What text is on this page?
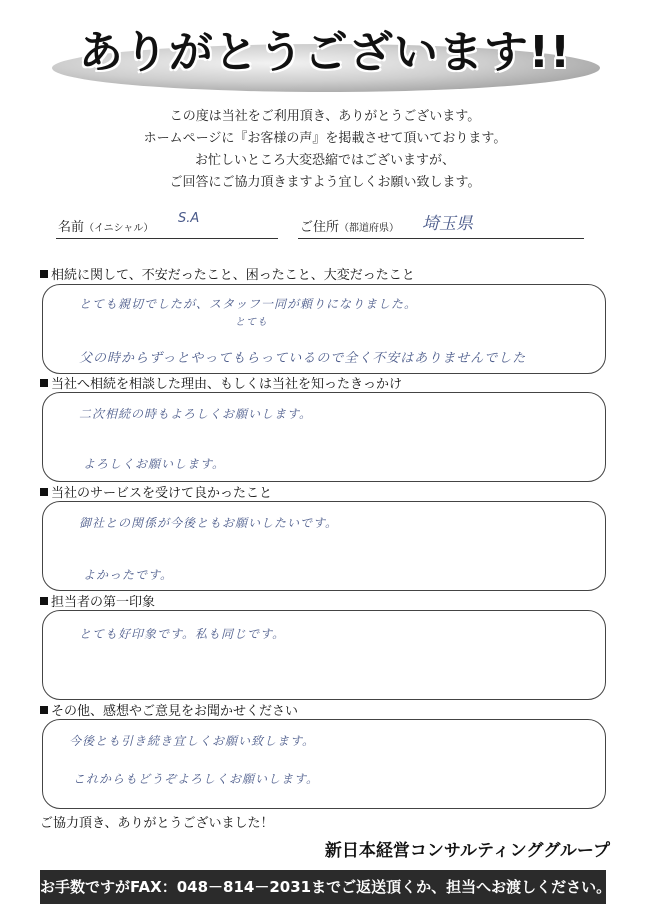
ありがとうございます!!
この度は当社をご利用頂き、ありがとうございます。
ホームページに『お客様の声』を掲載させて頂いております。
お忙しいところ大変恐縮ではございますが、
ご回答にご協力頂きますよう宜しくお願い致します。
名前（イニシャル）
S.A
ご住所（都道府県） 埼玉県
相続に関して、不安だったこと、困ったこと、大変だったこと
とても親切でしたが、スタッフ一同が頼りになりました。
とても
父の時からずっとやってもらっているので全く不安はありませんでした
当社へ相続を相談した理由、もしくは当社を知ったきっかけ
二次相続の時もよろしくお願いします。
よろしくお願いします。
当社のサービスを受けて良かったこと
御社との関係が今後ともお願いしたいです。
よかったです。
担当者の第一印象
とても好印象です。私も同じです。
その他、感想やご意見をお聞かせください
今後とも引き続き宜しくお願い致します。
これからもどうぞよろしくお願いします。
ご協力頂き、ありがとうございました！
新日本経営コンサルティンググループ
お手数ですがFAX：048－814－2031までご返送頂くか、担当へお渡しください。
